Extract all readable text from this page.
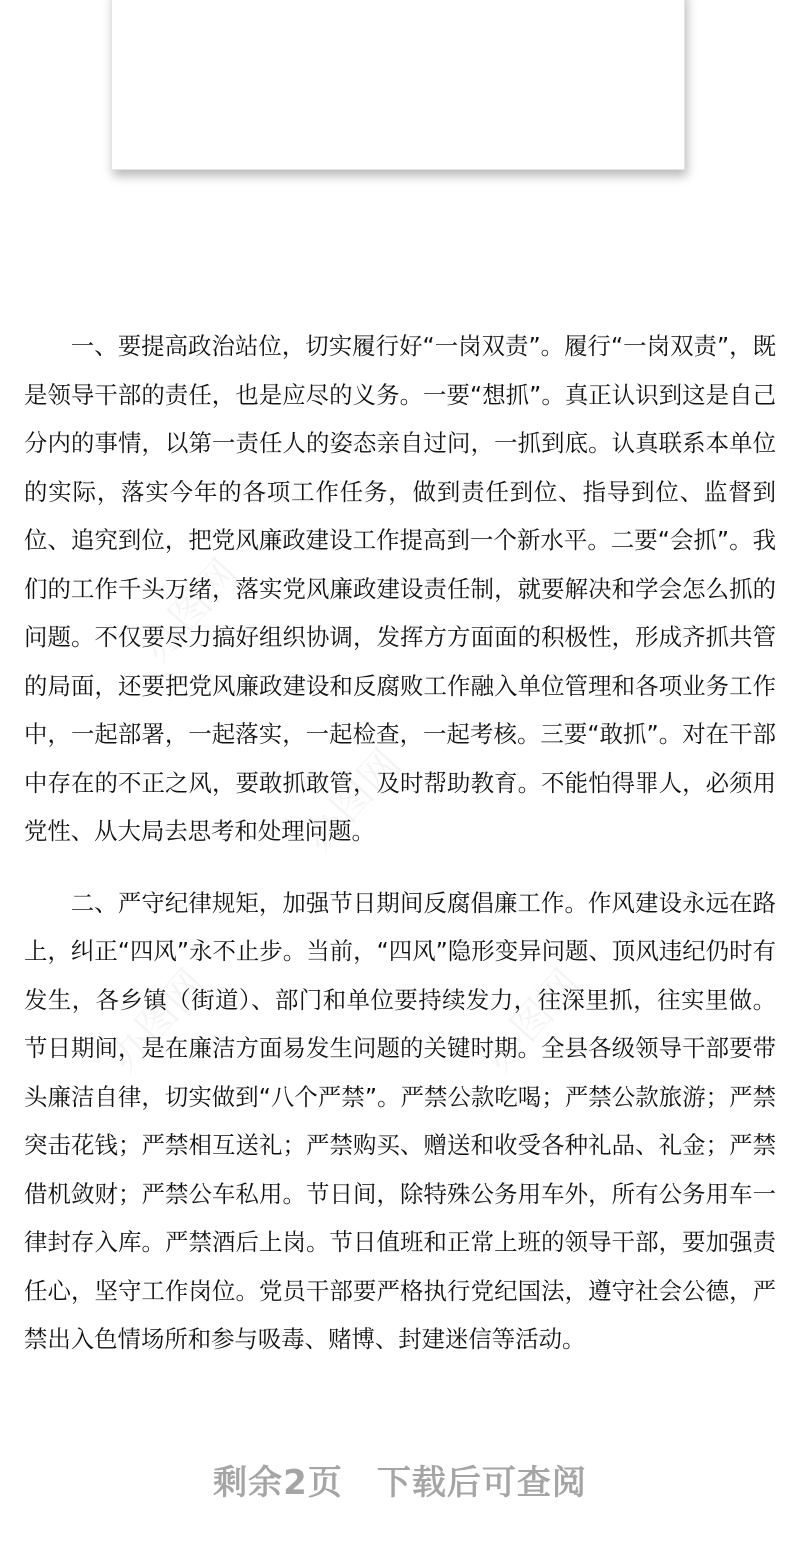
一、要提高政治站位，切实履行好“一岗双责”。履行“一岗双责”，既是领导干部的责任，也是应尽的义务。一要“想抓”。真正认识到这是自己分内的事情，以第一责任人的姿态亲自过问，一抓到底。认真联系本单位的实际，落实今年的各项工作任务，做到责任到位、指导到位、监督到位、追究到位，把党风廉政建设工作提高到一个新水平。二要“会抓”。我们的工作千头万绪，落实党风廉政建设责任制，就要解决和学会怎么抓的问题。不仅要尽力搞好组织协调，发挥方方面面的积极性，形成齐抓共管的局面，还要把党风廉政建设和反腐败工作融入单位管理和各项业务工作中，一起部署，一起落实，一起检查，一起考核。三要“敢抓”。对在干部中存在的不正之风，要敢抓敢管，及时帮助教育。不能怕得罪人，必须用党性、从大局去思考和处理问题。

二、严守纪律规矩，加强节日期间反腐倡廉工作。作风建设永远在路上，纠正“四风”永不止步。当前，“四风”隐形变异问题、顶风违纪仍时有发生，各乡镇（街道）、部门和单位要持续发力，往深里抓，往实里做。节日期间，是在廉洁方面易发生问题的关键时期。全县各级领导干部要带头廉洁自律，切实做到“八个严禁”。严禁公款吃喝；严禁公款旅游；严禁突击花钱；严禁相互送礼；严禁购买、赠送和收受各种礼品、礼金；严禁借机敛财；严禁公车私用。节日间，除特殊公务用车外，所有公务用车一律封存入库。严禁酒后上岗。节日值班和正常上班的领导干部，要加强责任心，坚守工作岗位。党员干部要严格执行党纪国法，遵守社会公德，严禁出入色情场所和参与吸毒、赌博、封建迷信等活动。

剩余2页 下载后可查阅
